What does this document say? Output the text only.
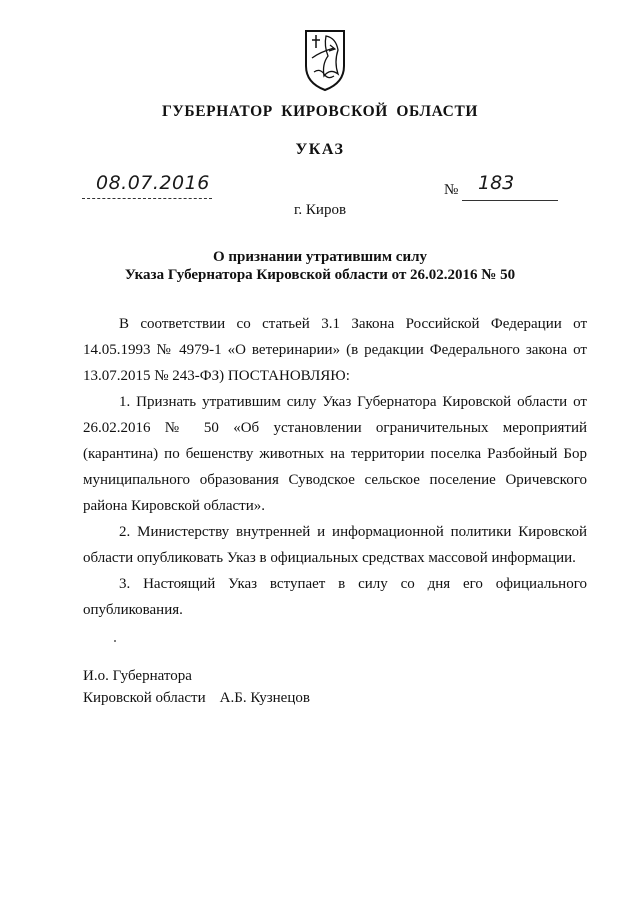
ГУБЕРНАТОР КИРОВСКОЙ ОБЛАСТИ
УКАЗ
08.07.2016	№ 183
г. Киров
О признании утратившим силу
Указа Губернатора Кировской области от 26.02.2016 № 50

В соответствии со статьей 3.1 Закона Российской Федерации от 14.05.1993 № 4979-1 «О ветеринарии» (в редакции Федерального закона от 13.07.2015 № 243-ФЗ) ПОСТАНОВЛЯЮ:

1. Признать утратившим силу Указ Губернатора Кировской области от 26.02.2016 № 50 «Об установлении ограничительных мероприятий (карантина) по бешенству животных на территории поселка Разбойный Бор муниципального образования Суводское сельское поселение Оричевского района Кировской области».

2. Министерству внутренней и информационной политики Кировской области опубликовать Указ в официальных средствах массовой информации.

3. Настоящий Указ вступает в силу со дня его официального опубликования.

И.о. Губернатора
Кировской области А.Б. Кузнецов
